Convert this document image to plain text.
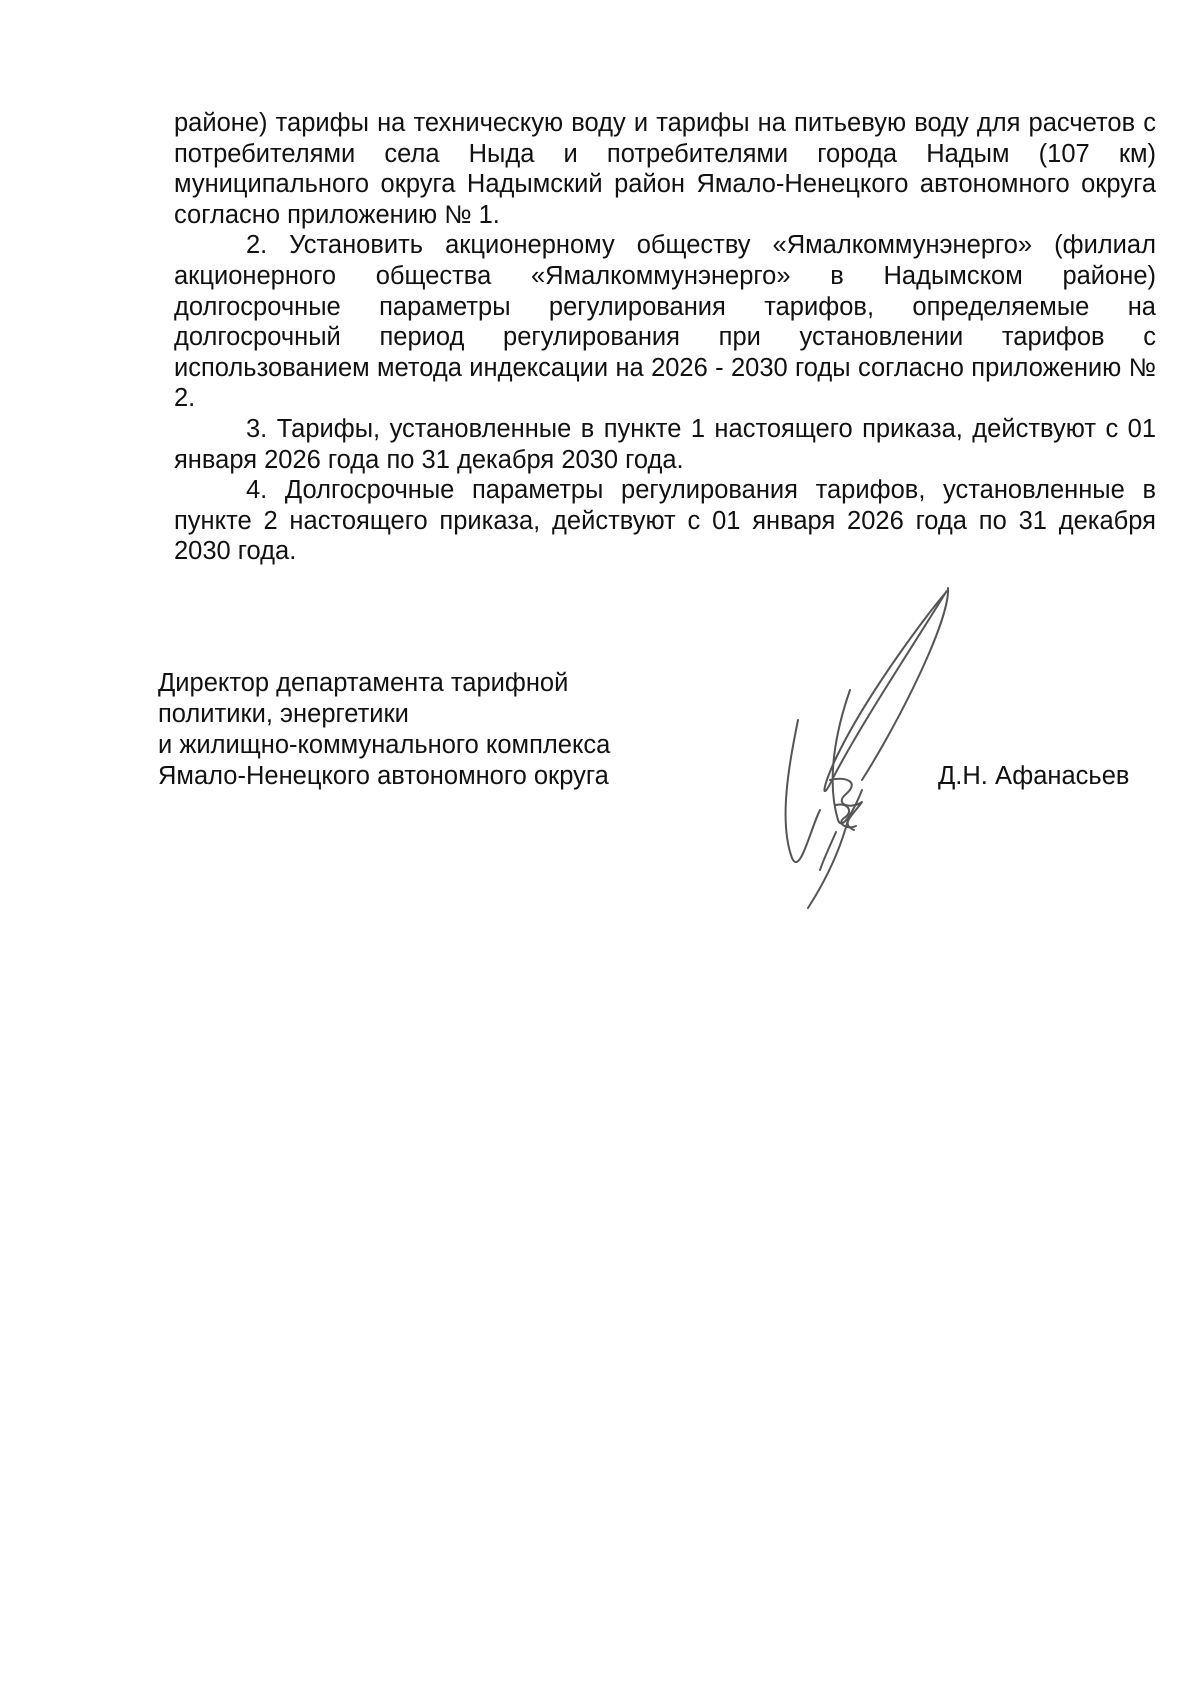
районе) тарифы на техническую воду и тарифы на питьевую воду для расчетов с потребителями села Ныда и потребителями города Надым (107 км) муниципального округа Надымский район Ямало-Ненецкого автономного округа согласно приложению № 1.

2. Установить акционерному обществу «Ямалкоммунэнерго» (филиал акционерного общества «Ямалкоммунэнерго» в Надымском районе) долгосрочные параметры регулирования тарифов, определяемые на долгосрочный период регулирования при установлении тарифов с использованием метода индексации на 2026 - 2030 годы согласно приложению № 2.

3. Тарифы, установленные в пункте 1 настоящего приказа, действуют с 01 января 2026 года по 31 декабря 2030 года.

4. Долгосрочные параметры регулирования тарифов, установленные в пункте 2 настоящего приказа, действуют с 01 января 2026 года по 31 декабря 2030 года.

Директор департамента тарифной
политики, энергетики
и жилищно-коммунального комплекса
Ямало-Ненецкого автономного округа	Д.Н. Афанасьев
